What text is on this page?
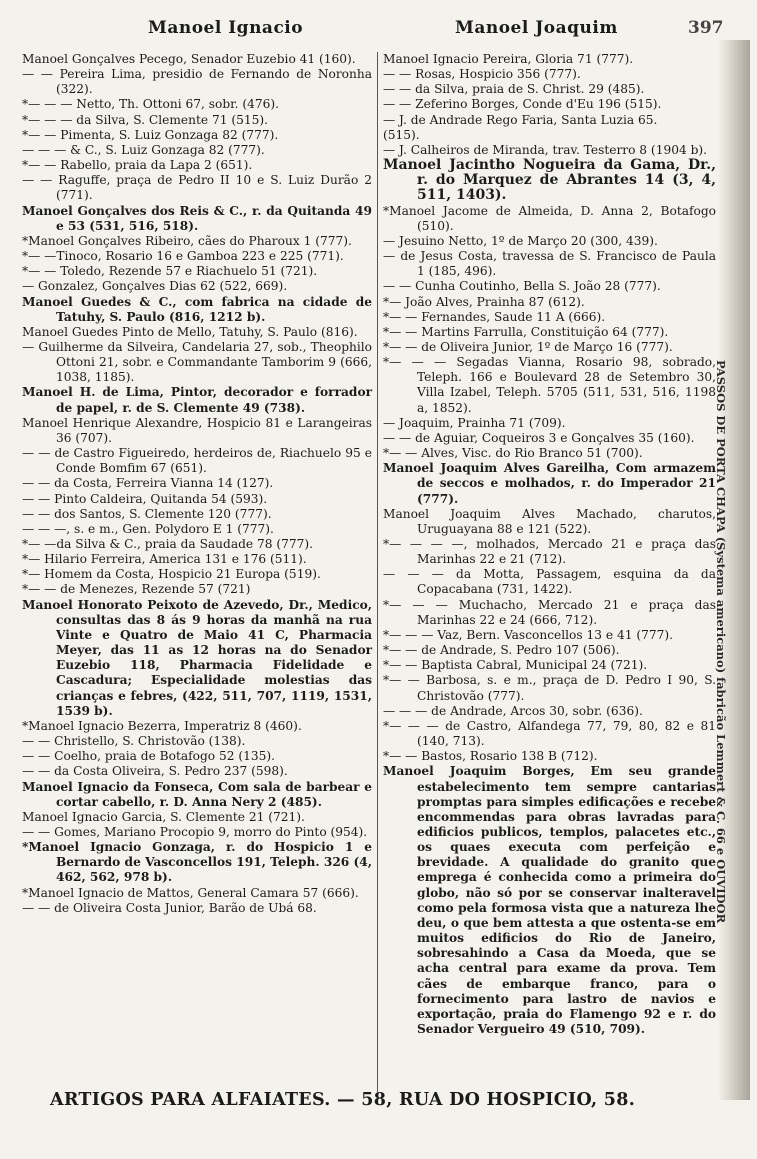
Manoel Ignacio	Manoel Joaquim	397

Manoel Gonçalves Pecego, Senador Euzebio 41 (160).

— — Pereira Lima, presidio de Fernando de Noronha (322).

*— — — Netto, Th. Ottoni 67, sobr. (476).

*— — — da Silva, S. Clemente 71 (515).

*— — Pimenta, S. Luiz Gonzaga 82 (777).

— — — & C., S. Luiz Gonzaga 82 (777).

*— — Rabello, praia da Lapa 2 (651).

— — Raguffe, praça de Pedro II 10 e S. Luiz Durão 2 (771).

Manoel Gonçalves dos Reis & C., r. da Quitanda 49 e 53 (531, 516, 518).

*Manoel Gonçalves Ribeiro, cães do Pharoux 1 (777).

*— —Tinoco, Rosario 16 e Gamboa 223 e 225 (771).

*— — Toledo, Rezende 57 e Riachuelo 51 (721).

— Gonzalez, Gonçalves Dias 62 (522, 669).

Manoel Guedes & C., com fabrica na cidade de Tatuhy, S. Paulo (816, 1212 b).

Manoel Guedes Pinto de Mello, Tatuhy, S. Paulo (816).

— Guilherme da Silveira, Candelaria 27, sob., Theophilo Ottoni 21, sobr. e Commandante Tamborim 9 (666, 1038, 1185).

Manoel H. de Lima, Pintor, decorador e forrador de papel, r. de S. Clemente 49 (738).

Manoel Henrique Alexandre, Hospicio 81 e Larangeiras 36 (707).

— — de Castro Figueiredo, herdeiros de, Riachuelo 95 e Conde Bomfim 67 (651).

— — da Costa, Ferreira Vianna 14 (127).

— — Pinto Caldeira, Quitanda 54 (593).

— — dos Santos, S. Clemente 120 (777).

— — —, s. e m., Gen. Polydoro E 1 (777).

*— —da Silva & C., praia da Saudade 78 (777).

*— Hilario Ferreira, America 131 e 176 (511).

*— Homem da Costa, Hospicio 21 Europa (519).

*— — de Menezes, Rezende 57 (721)

Manoel Honorato Peixoto de Azevedo, Dr., Medico, consultas das 8 ás 9 horas da manhã na rua Vinte e Quatro de Maio 41 C, Pharmacia Meyer, das 11 as 12 horas na do Senador Euzebio 118, Pharmacia Fidelidade e Cascadura; Especialidade molestias das crianças e febres, (422, 511, 707, 1119, 1531, 1539 b).

*Manoel Ignacio Bezerra, Imperatriz 8 (460).

— — Christello, S. Christovão (138).

— — Coelho, praia de Botafogo 52 (135).

— — da Costa Oliveira, S. Pedro 237 (598).

Manoel Ignacio da Fonseca, Com sala de barbear e cortar cabello, r. D. Anna Nery 2 (485).

Manoel Ignacio Garcia, S. Clemente 21 (721).

— — Gomes, Mariano Procopio 9, morro do Pinto (954).

*Manoel Ignacio Gonzaga, r. do Hospicio 1 e Bernardo de Vasconcellos 191, Teleph. 326 (4, 462, 562, 978 b).

*Manoel Ignacio de Mattos, General Camara 57 (666).

— — de Oliveira Costa Junior, Barão de Ubá 68.

Manoel Ignacio Pereira, Gloria 71 (777).

— — Rosas, Hospicio 356 (777).

— — da Silva, praia de S. Christ. 29 (485).

— — Zeferino Borges, Conde d'Eu 196 (515).

— J. de Andrade Rego Faria, Santa Luzia 65.

(515).

— J. Calheiros de Miranda, trav. Testerro 8 (1904 b).

Manoel Jacintho Nogueira da Gama, Dr., r. do Marquez de Abrantes 14 (3, 4, 511, 1403).

*Manoel Jacome de Almeida, D. Anna 2, Botafogo (510).

— Jesuino Netto, 1º de Março 20 (300, 439).

— de Jesus Costa, travessa de S. Francisco de Paula 1 (185, 496).

— — Cunha Coutinho, Bella S. João 28 (777).

*— João Alves, Prainha 87 (612).

*— — Fernandes, Saude 11 A (666).

*— — Martins Farrulla, Constituição 64 (777).

*— — de Oliveira Junior, 1º de Março 16 (777).

*— — — Segadas Vianna, Rosario 98, sobrado, Teleph. 166 e Boulevard 28 de Setembro 30, Villa Izabel, Teleph. 5705 (511, 531, 516, 1198 a, 1852).

— Joaquim, Prainha 71 (709).

— — de Aguiar, Coqueiros 3 e Gonçalves 35 (160).

*— — Alves, Visc. do Rio Branco 51 (700).

Manoel Joaquim Alves Gareilha, Com armazem de seccos e molhados, r. do Imperador 21 (777).

Manoel Joaquim Alves Machado, charutos, Uruguayana 88 e 121 (522).

*— — — —, molhados, Mercado 21 e praça das Marinhas 22 e 21 (712).

— — — da Motta, Passagem, esquina da da Copacabana (731, 1422).

*— — — Muchacho, Mercado 21 e praça das Marinhas 22 e 24 (666, 712).

*— — — Vaz, Bern. Vasconcellos 13 e 41 (777).

*— — de Andrade, S. Pedro 107 (506).

*— — Baptista Cabral, Municipal 24 (721).

*— — Barbosa, s. e m., praça de D. Pedro I 90, S. Christovão (777).

— — — de Andrade, Arcos 30, sobr. (636).

*— — — de Castro, Alfandega 77, 79, 80, 82 e 81 (140, 713).

*— — Bastos, Rosario 138 B (712).

Manoel Joaquim Borges, Em seu grande estabelecimento tem sempre cantarias promptas para simples edificações e recebe encommendas para obras lavradas para edificios publicos, templos, palacetes etc., os quaes executa com perfeição e brevidade. A qualidade do granito que emprega é conhecida como a primeira do globo, não só por se conservar inalteravel como pela formosa vista que a natureza lhe deu, o que bem attesta a que ostenta-se em muitos edificios do Rio de Janeiro, sobresahindo a Casa da Moeda, que se acha central para exame da prova. Tem cães de embarque franco, para o fornecimento para lastro de navios e exportação, praia do Flamengo 92 e r. do Senador Vergueiro 49 (510, 709).

PASSOS DE PORTA CHAPA (Systema americano) fabricão Lemmert & C. 66 e OUVIDOR
ARTIGOS PARA ALFAIATES. — 58, RUA DO HOSPICIO, 58.
